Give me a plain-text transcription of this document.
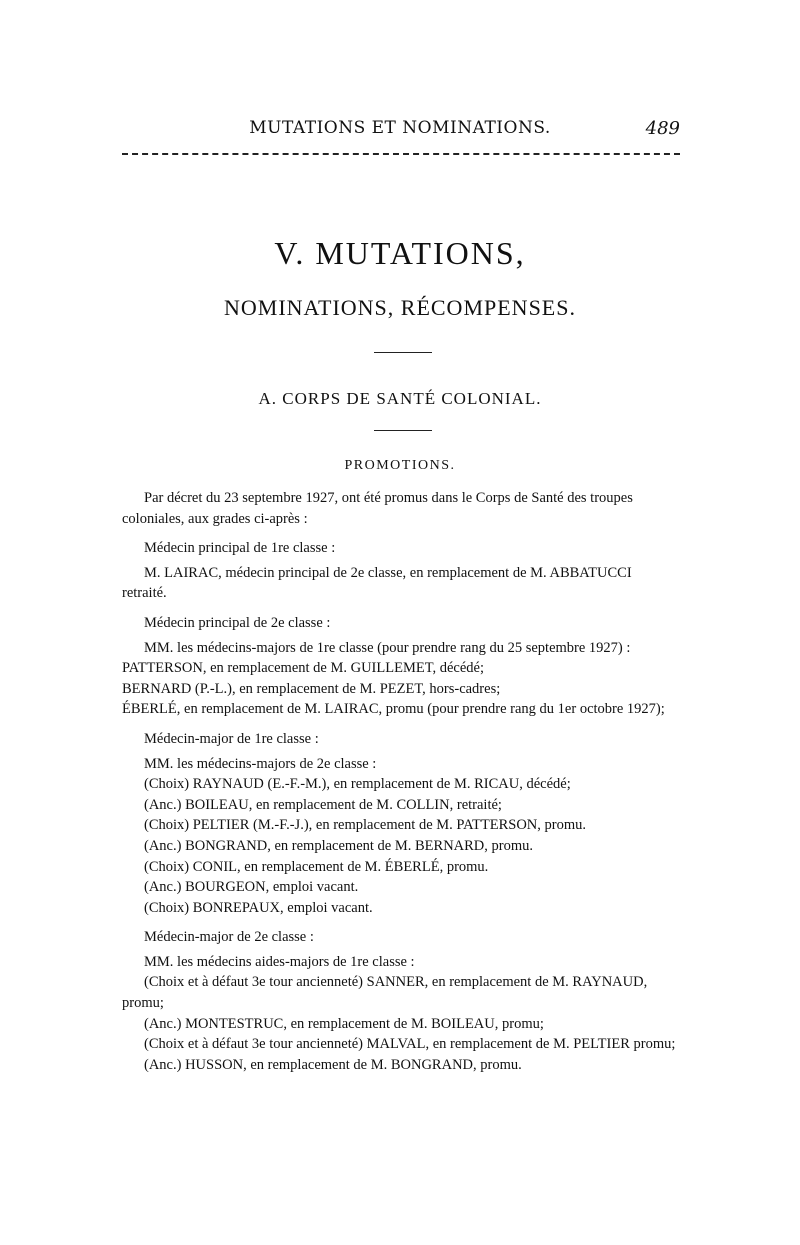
MUTATIONS ET NOMINATIONS.	489
V. MUTATIONS,
NOMINATIONS, RÉCOMPENSES.
A. CORPS DE SANTÉ COLONIAL.
PROMOTIONS.

Par décret du 23 septembre 1927, ont été promus dans le Corps de Santé des troupes coloniales, aux grades ci-après :

Médecin principal de 1re classe :

M. LAIRAC, médecin principal de 2e classe, en remplacement de M. ABBATUCCI retraité.

Médecin principal de 2e classe :

MM. les médecins-majors de 1re classe (pour prendre rang du 25 septembre 1927) :

PATTERSON, en remplacement de M. GUILLEMET, décédé;

BERNARD (P.-L.), en remplacement de M. PEZET, hors-cadres;

ÉBERLÉ, en remplacement de M. LAIRAC, promu (pour prendre rang du 1er octobre 1927);

Médecin-major de 1re classe :

MM. les médecins-majors de 2e classe :

(Choix) RAYNAUD (E.-F.-M.), en remplacement de M. RICAU, décédé;

(Anc.) BOILEAU, en remplacement de M. COLLIN, retraité;

(Choix) PELTIER (M.-F.-J.), en remplacement de M. PATTERSON, promu.

(Anc.) BONGRAND, en remplacement de M. BERNARD, promu.

(Choix) CONIL, en remplacement de M. ÉBERLÉ, promu.

(Anc.) BOURGEON, emploi vacant.

(Choix) BONREPAUX, emploi vacant.

Médecin-major de 2e classe :

MM. les médecins aides-majors de 1re classe :

(Choix et à défaut 3e tour ancienneté) SANNER, en remplacement de M. RAYNAUD, promu;

(Anc.) MONTESTRUC, en remplacement de M. BOILEAU, promu;

(Choix et à défaut 3e tour ancienneté) MALVAL, en remplacement de M. PELTIER promu;

(Anc.) HUSSON, en remplacement de M. BONGRAND, promu.
